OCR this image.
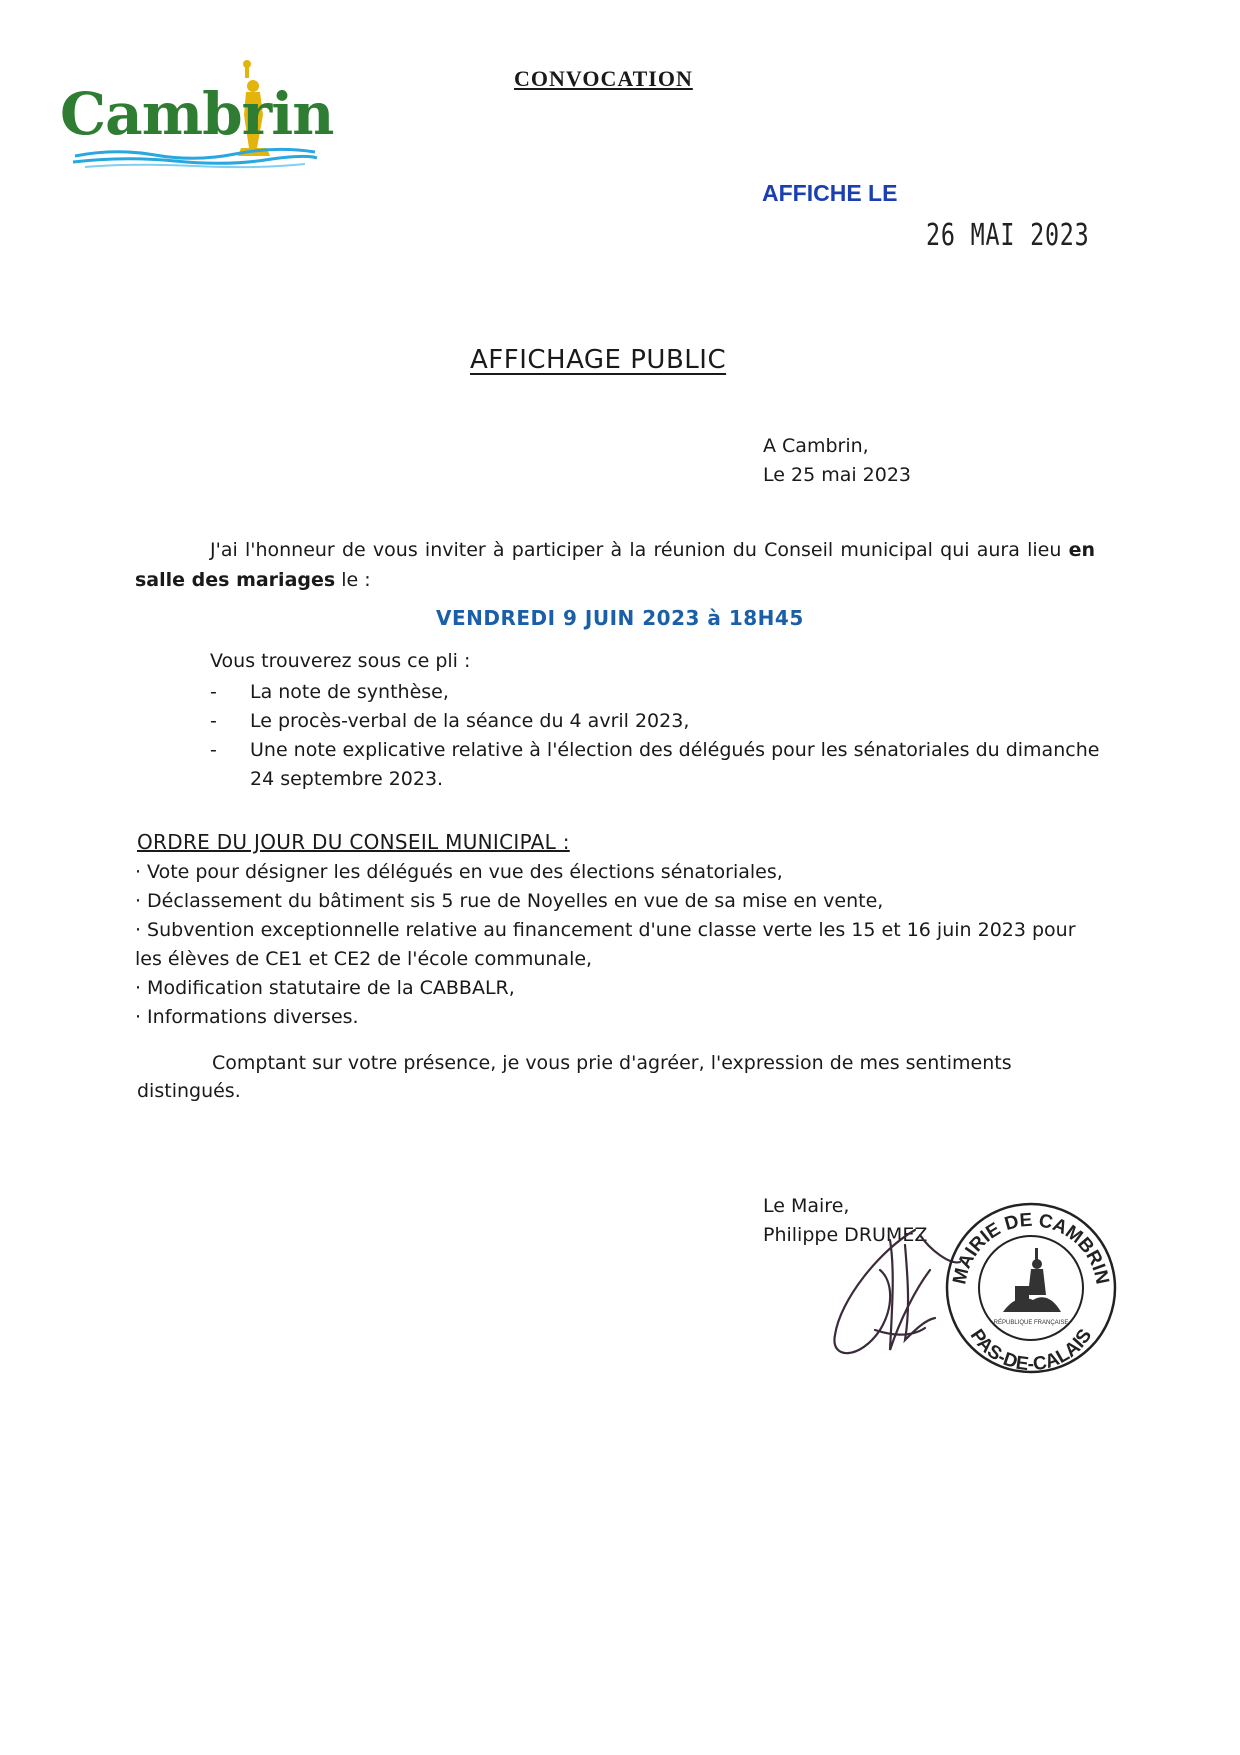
Cambrin
CONVOCATION
AFFICHE LE
26 MAI 2023
AFFICHAGE PUBLIC
A Cambrin,
Le 25 mai 2023
J'ai l'honneur de vous inviter à participer à la réunion du Conseil municipal qui aura lieu en salle des mariages le :
VENDREDI 9 JUIN 2023 à 18H45
Vous trouverez sous ce pli :
- La note de synthèse,
- Le procès-verbal de la séance du 4 avril 2023,
- Une note explicative relative à l'élection des délégués pour les sénatoriales du dimanche 24 septembre 2023.
ORDRE DU JOUR DU CONSEIL MUNICIPAL :
· Vote pour désigner les délégués en vue des élections sénatoriales,
· Déclassement du bâtiment sis 5 rue de Noyelles en vue de sa mise en vente,
· Subvention exceptionnelle relative au financement d'une classe verte les 15 et 16 juin 2023 pour les élèves de CE1 et CE2 de l'école communale,
· Modification statutaire de la CABBALR,
· Informations diverses.
Comptant sur votre présence, je vous prie d'agréer, l'expression de mes sentiments
distingués.
Le Maire,
Philippe DRUMEZ
MAIRIE DE CAMBRIN
PAS-DE-CALAIS
RÉPUBLIQUE FRANÇAISE
